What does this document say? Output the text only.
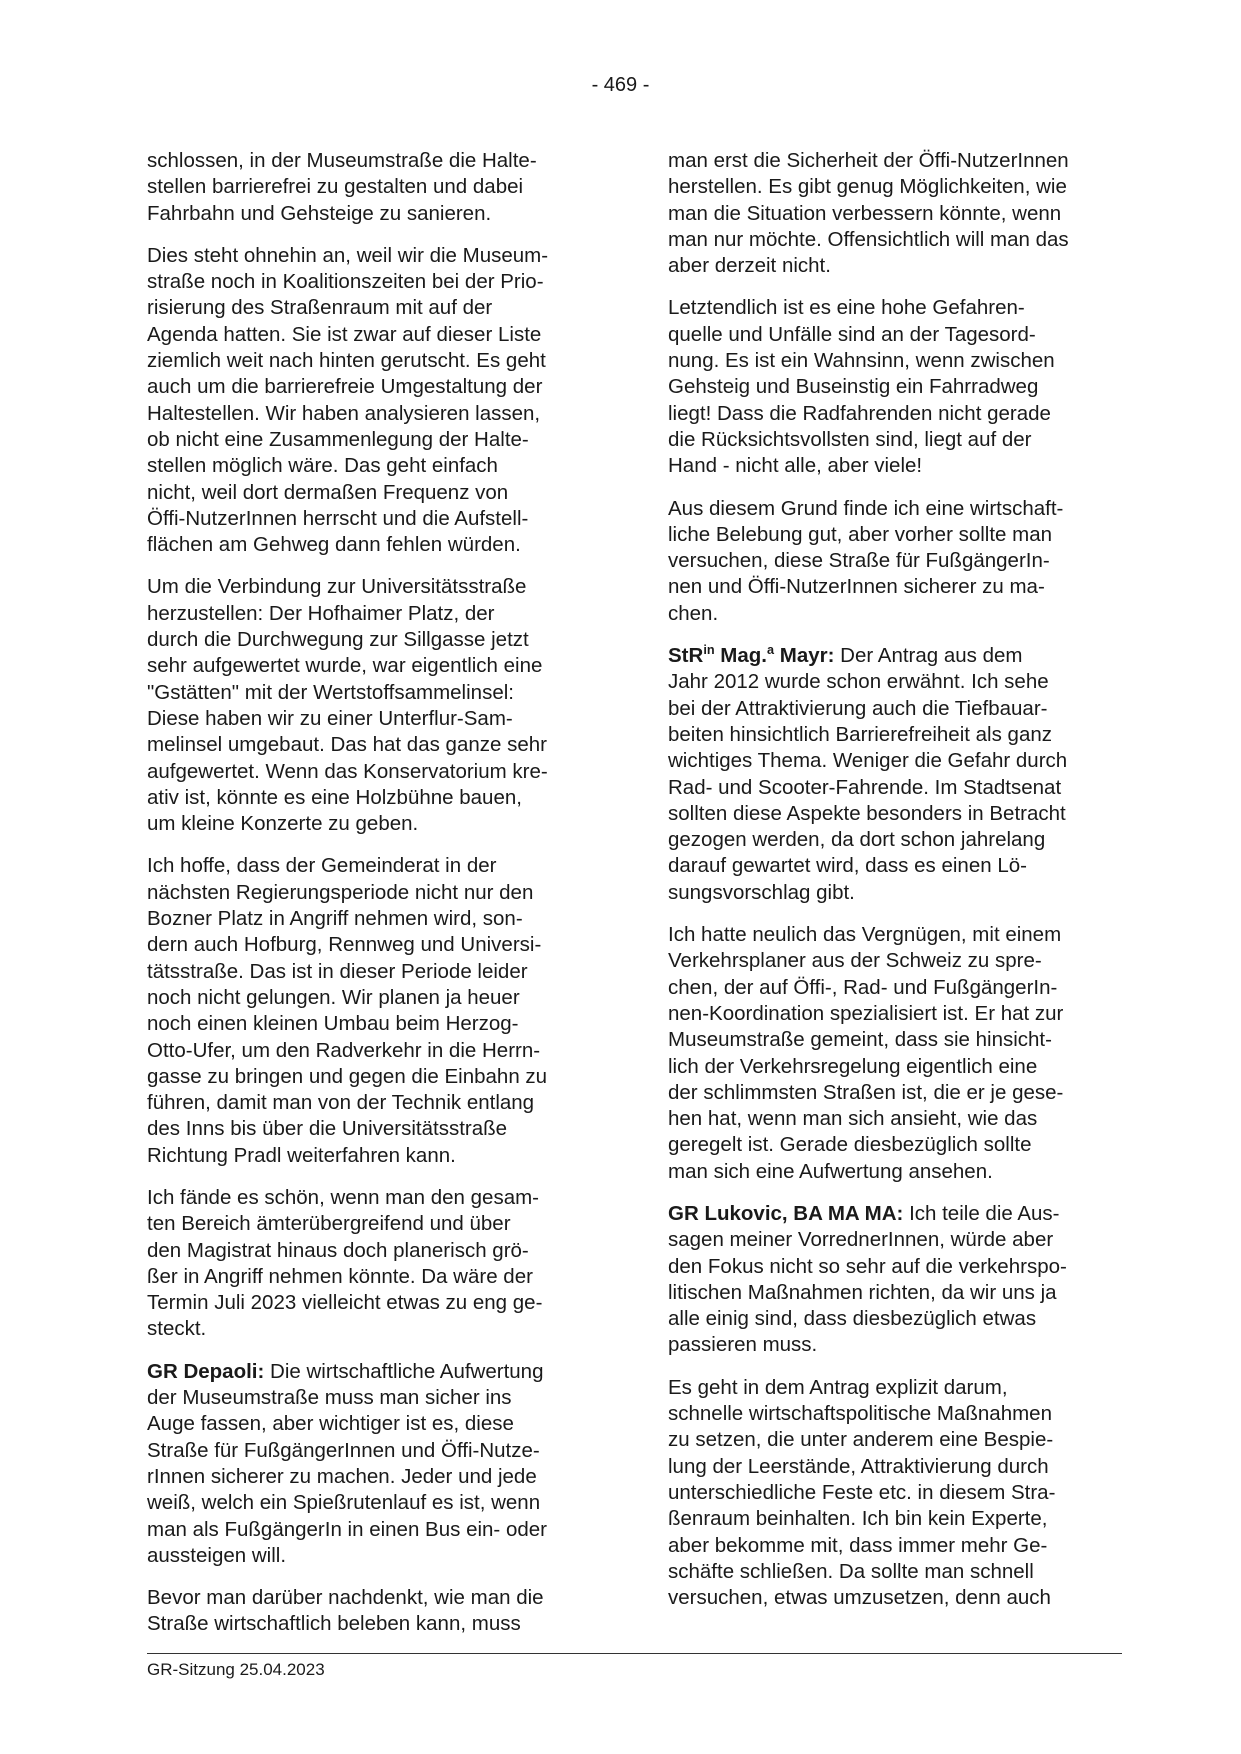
- 469 -

schlossen, in der Museumstraße die Halte-
stellen barrierefrei zu gestalten und dabei
Fahrbahn und Gehsteige zu sanieren.

Dies steht ohnehin an, weil wir die Museum-
straße noch in Koalitionszeiten bei der Prio-
risierung des Straßenraum mit auf der
Agenda hatten. Sie ist zwar auf dieser Liste
ziemlich weit nach hinten gerutscht. Es geht
auch um die barrierefreie Umgestaltung der
Haltestellen. Wir haben analysieren lassen,
ob nicht eine Zusammenlegung der Halte-
stellen möglich wäre. Das geht einfach
nicht, weil dort dermaßen Frequenz von
Öffi-NutzerInnen herrscht und die Aufstell-
flächen am Gehweg dann fehlen würden.

Um die Verbindung zur Universitätsstraße
herzustellen: Der Hofhaimer Platz, der
durch die Durchwegung zur Sillgasse jetzt
sehr aufgewertet wurde, war eigentlich eine
"Gstätten" mit der Wertstoffsammelinsel:
Diese haben wir zu einer Unterflur-Sam-
melinsel umgebaut. Das hat das ganze sehr
aufgewertet. Wenn das Konservatorium kre-
ativ ist, könnte es eine Holzbühne bauen,
um kleine Konzerte zu geben.

Ich hoffe, dass der Gemeinderat in der
nächsten Regierungsperiode nicht nur den
Bozner Platz in Angriff nehmen wird, son-
dern auch Hofburg, Rennweg und Universi-
tätsstraße. Das ist in dieser Periode leider
noch nicht gelungen. Wir planen ja heuer
noch einen kleinen Umbau beim Herzog-
Otto-Ufer, um den Radverkehr in die Herrn-
gasse zu bringen und gegen die Einbahn zu
führen, damit man von der Technik entlang
des Inns bis über die Universitätsstraße
Richtung Pradl weiterfahren kann.

Ich fände es schön, wenn man den gesam-
ten Bereich ämterübergreifend und über
den Magistrat hinaus doch planerisch grö-
ßer in Angriff nehmen könnte. Da wäre der
Termin Juli 2023 vielleicht etwas zu eng ge-
steckt.

GR Depaoli: Die wirtschaftliche Aufwertung
der Museumstraße muss man sicher ins
Auge fassen, aber wichtiger ist es, diese
Straße für FußgängerInnen und Öffi-Nutze-
rInnen sicherer zu machen. Jeder und jede
weiß, welch ein Spießrutenlauf es ist, wenn
man als FußgängerIn in einen Bus ein- oder
aussteigen will.

Bevor man darüber nachdenkt, wie man die
Straße wirtschaftlich beleben kann, muss

man erst die Sicherheit der Öffi-NutzerInnen
herstellen. Es gibt genug Möglichkeiten, wie
man die Situation verbessern könnte, wenn
man nur möchte. Offensichtlich will man das
aber derzeit nicht.

Letztendlich ist es eine hohe Gefahren-
quelle und Unfälle sind an der Tagesord-
nung. Es ist ein Wahnsinn, wenn zwischen
Gehsteig und Buseinstig ein Fahrradweg
liegt! Dass die Radfahrenden nicht gerade
die Rücksichtsvollsten sind, liegt auf der
Hand - nicht alle, aber viele!

Aus diesem Grund finde ich eine wirtschaft-
liche Belebung gut, aber vorher sollte man
versuchen, diese Straße für FußgängerIn-
nen und Öffi-NutzerInnen sicherer zu ma-
chen.

StR$^{in}$ Mag.$^a$ Mayr: Der Antrag aus dem
Jahr 2012 wurde schon erwähnt. Ich sehe
bei der Attraktivierung auch die Tiefbauar-
beiten hinsichtlich Barrierefreiheit als ganz
wichtiges Thema. Weniger die Gefahr durch
Rad- und Scooter-Fahrende. Im Stadtsenat
sollten diese Aspekte besonders in Betracht
gezogen werden, da dort schon jahrelang
darauf gewartet wird, dass es einen Lö-
sungsvorschlag gibt.

Ich hatte neulich das Vergnügen, mit einem
Verkehrsplaner aus der Schweiz zu spre-
chen, der auf Öffi-, Rad- und FußgängerIn-
nen-Koordination spezialisiert ist. Er hat zur
Museumstraße gemeint, dass sie hinsicht-
lich der Verkehrsregelung eigentlich eine
der schlimmsten Straßen ist, die er je gese-
hen hat, wenn man sich ansieht, wie das
geregelt ist. Gerade diesbezüglich sollte
man sich eine Aufwertung ansehen.

GR Lukovic, BA MA MA: Ich teile die Aus-
sagen meiner VorrednerInnen, würde aber
den Fokus nicht so sehr auf die verkehrspo-
litischen Maßnahmen richten, da wir uns ja
alle einig sind, dass diesbezüglich etwas
passieren muss.

Es geht in dem Antrag explizit darum,
schnelle wirtschaftspolitische Maßnahmen
zu setzen, die unter anderem eine Bespie-
lung der Leerstände, Attraktivierung durch
unterschiedliche Feste etc. in diesem Stra-
ßenraum beinhalten. Ich bin kein Experte,
aber bekomme mit, dass immer mehr Ge-
schäfte schließen. Da sollte man schnell
versuchen, etwas umzusetzen, denn auch

GR-Sitzung 25.04.2023
